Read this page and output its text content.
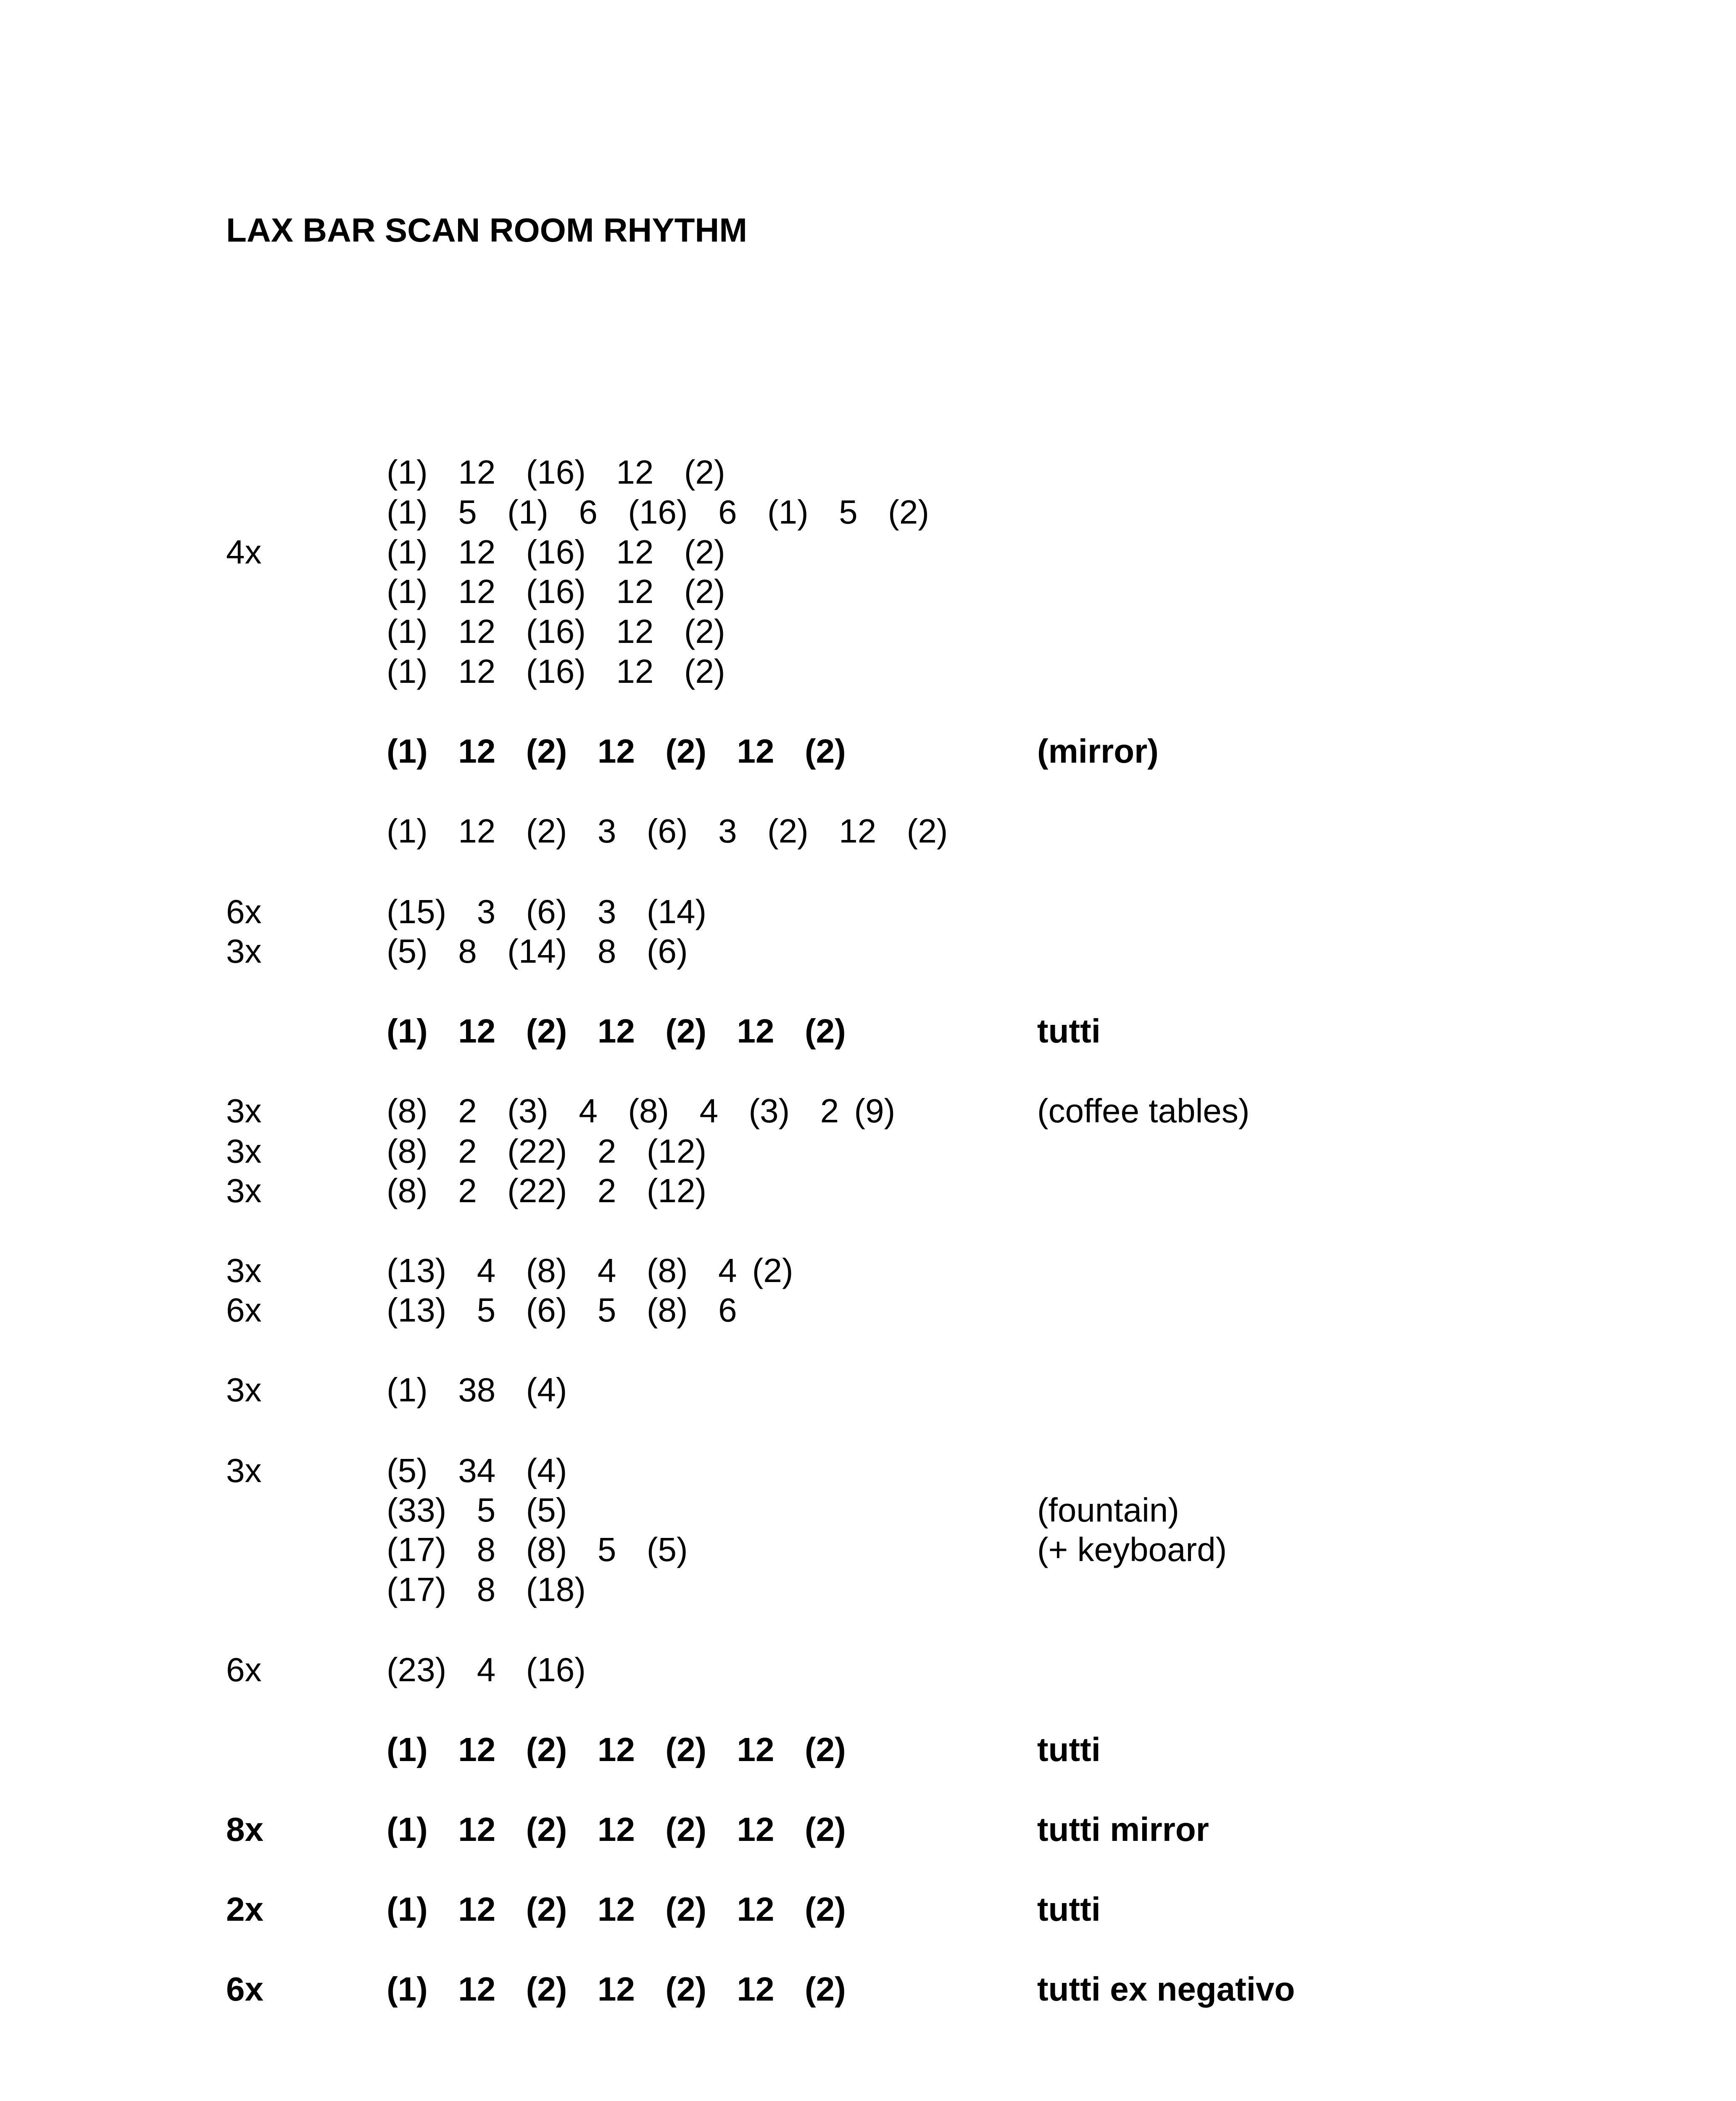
LAX BAR SCAN ROOM RHYTHM
(1)  12  (16)  12  (2)
(1)  5  (1)  6  (16)  6  (1)  5  (2)
4x	(1)  12  (16)  12  (2)
(1)  12  (16)  12  (2)
(1)  12  (16)  12  (2)
(1)  12  (16)  12  (2)
(1)  12  (2)  12  (2)  12  (2)	(mirror)
(1)  12  (2)  3  (6)  3  (2)  12  (2)
6x	(15)  3  (6)  3  (14)
3x	(5)  8  (14)  8  (6)
(1)  12  (2)  12  (2)  12  (2)	tutti
3x	(8)  2  (3)  4  (8)  4  (3)  2 (9)	(coffee tables)
3x	(8)  2  (22)  2  (12)
3x	(8)  2  (22)  2  (12)
3x	(13)  4  (8)  4  (8)  4 (2)
6x	(13)  5  (6)  5  (8)  6
3x	(1)  38  (4)
3x	(5)  34  (4)
(33)  5  (5)	(fountain)
(17)  8  (8)  5  (5)	(+ keyboard)
(17)  8  (18)
6x	(23)  4  (16)
(1)  12  (2)  12  (2)  12  (2)	tutti
8x	(1)  12  (2)  12  (2)  12  (2)	tutti mirror
2x	(1)  12  (2)  12  (2)  12  (2)	tutti
6x	(1)  12  (2)  12  (2)  12  (2)	tutti ex negativo
